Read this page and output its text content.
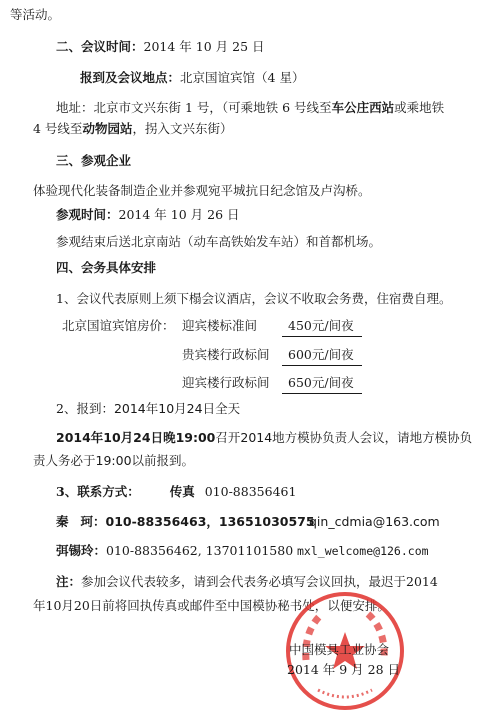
等活动。
二、会议时间：2014 年 10 月 25 日
报到及会议地点：北京国谊宾馆（4 星）
地址：北京市文兴东街 1 号，（可乘地铁 6 号线至车公庄西站或乘地铁
4 号线至动物园站，拐入文兴东街）
三、参观企业
体验现代化装备制造企业并参观宛平城抗日纪念馆及卢沟桥。
参观时间：2014 年 10 月 26 日
参观结束后送北京南站（动车高铁始发车站）和首都机场。
四、会务具体安排
1、会议代表原则上须下榻会议酒店，会议不收取会务费，住宿费自理。
北京国谊宾馆房价： 迎宾楼标准间 450元/间夜
贵宾楼行政标间 600元/间夜
迎宾楼行政标间 650元/间夜
2、报到：2014年10月24日全天
2014年10月24日晚19:00召开2014地方模协负责人会议，请地方模协负
责人务必于19:00以前报到。
3、联系方式： 传真 010-88356461
秦 珂：010-88356463，13651030575
qin_cdmia@163.com
弭锡玲：010-88356462, 13701101580 mxl_welcome@126.com
注：参加会议代表较多，请到会代表务必填写会议回执，最迟于2014
年10月20日前将回执传真或邮件至中国模协秘书处，以便安排。
中国模具工业协会
2014 年 9 月 28 日
